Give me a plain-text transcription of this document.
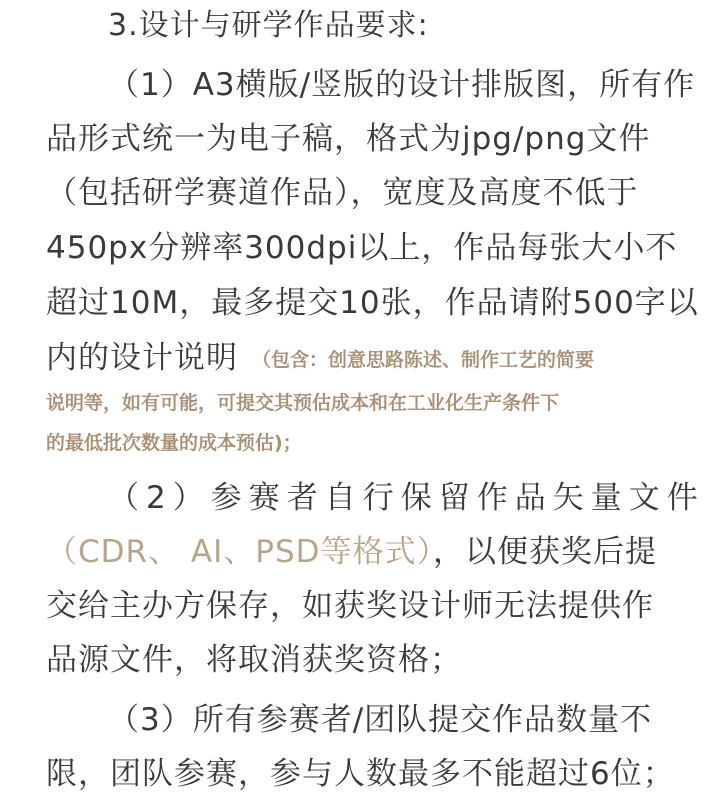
3.设计与研学作品要求:
（1）A3横版/竖版的设计排版图，所有作
品形式统一为电子稿，格式为jpg/png文件
（包括研学赛道作品），宽度及高度不低于
450px分辨率300dpi以上，作品每张大小不
超过10M，最多提交10张，作品请附500字以
内的设计说明 （包含：创意思路陈述、制作工艺的简要
说明等，如有可能，可提交其预估成本和在工业化生产条件下
的最低批次数量的成本预估)；
（2）参赛者自行保留作品矢量文件
（CDR、 AI、PSD等格式），以便获奖后提
交给主办方保存，如获奖设计师无法提供作
品源文件，将取消获奖资格；
（3）所有参赛者/团队提交作品数量不
限，团队参赛，参与人数最多不能超过6位；
